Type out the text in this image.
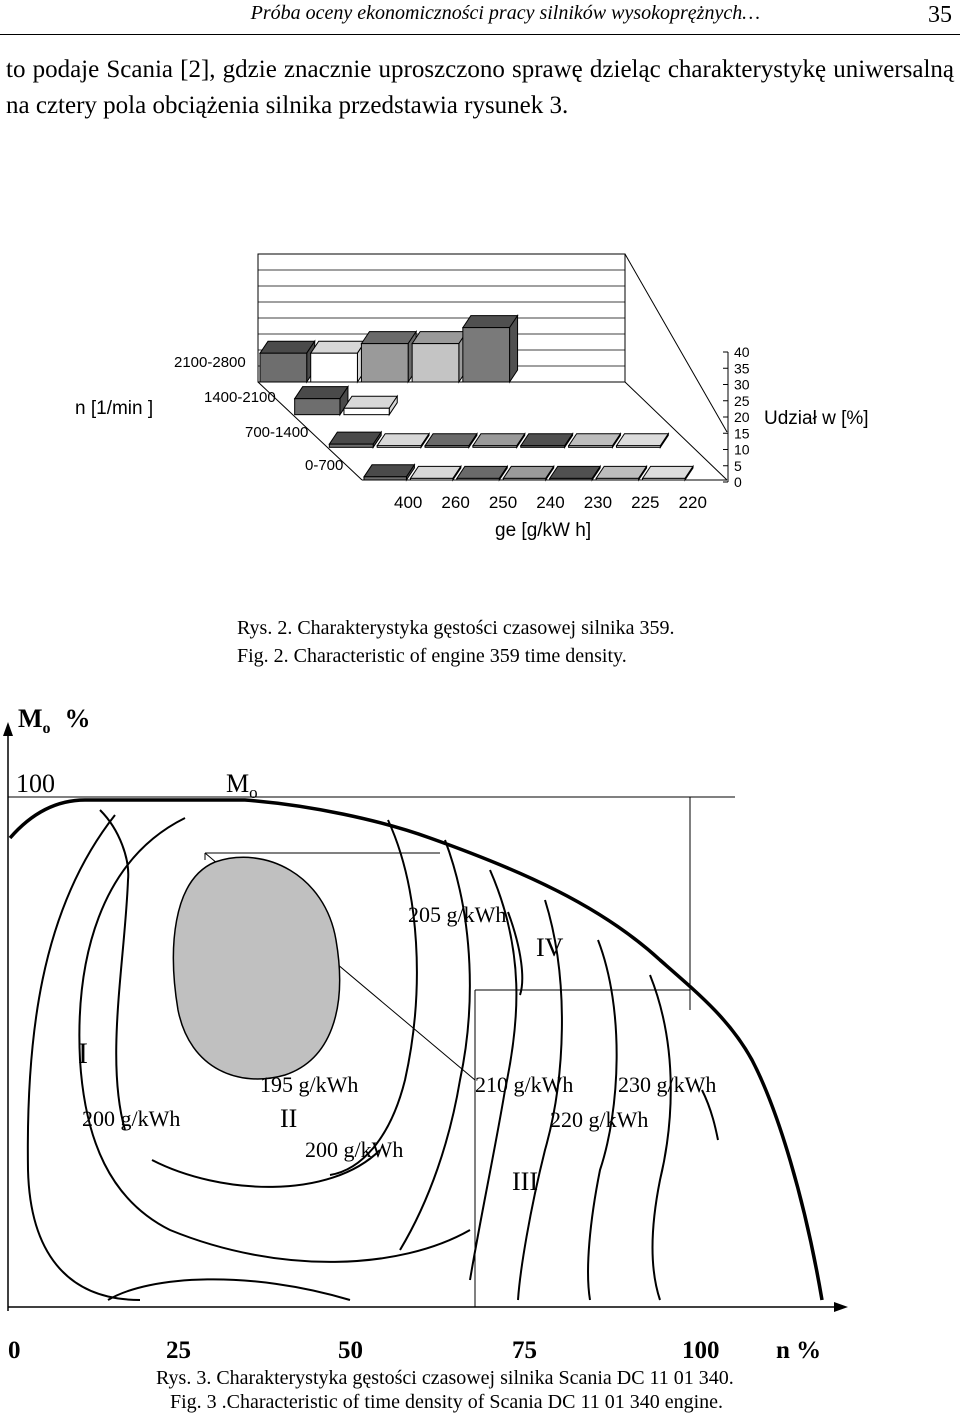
Próba oceny ekonomiczności pracy silników wysokoprężnych…	35
to podaje Scania [2], gdzie znacznie uproszczono sprawę dzieląc charakterystykę uniwersalną na cztery pola obciążenia silnika przedstawia rysunek 3.
40
35
30
25
20
15
10
5
0
2100-2800
1400-2100
700-1400
0-700
400 260 250 240 230 225 220
n [1/min ]
ge [g/kW h]
Udział w [%]
Rys. 2. Charakterystyka gęstości czasowej silnika 359.
Fig. 2. Characteristic of engine 359 time density.
$M_o$ %
100	$M_o$
I
II
III
IV
205 g/kWh
195 g/kWh
200 g/kWh
200 g/kWh
210 g/kWh 230 g/kWh
220 g/kWh
0	25	50	75	100 n %
Rys. 3. Charakterystyka gęstości czasowej silnika Scania DC 11 01 340.
Fig. 3 .Characteristic of time density of Scania DC 11 01 340 engine.
